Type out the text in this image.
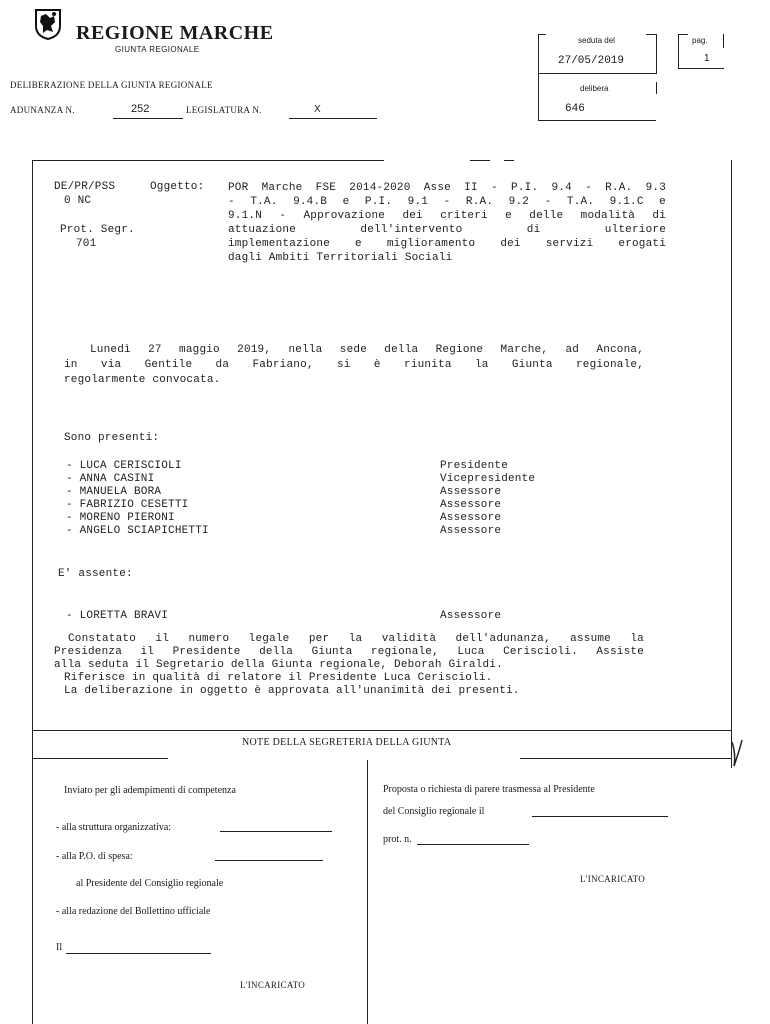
REGIONE MARCHE
GIUNTA REGIONALE
DELIBERAZIONE DELLA GIUNTA REGIONALE
ADUNANZA N.	252	LEGISLATURA N.	X
seduta del
27/05/2019
delibera
646
pag.
1
DE/PR/PSS
0 NC
Prot. Segr.
701
Oggetto: POR Marche FSE 2014-2020 Asse II - P.I. 9.4 - R.A. 9.3
- T.A. 9.4.B e P.I. 9.1 - R.A. 9.2 - T.A. 9.1.C e
9.1.N - Approvazione dei criteri e delle modalità di
attuazione dell'intervento di ulteriore
implementazione e miglioramento dei servizi erogati
dagli Ambiti Territoriali Sociali
Lunedì 27 maggio 2019, nella sede della Regione Marche, ad Ancona,
in via Gentile da Fabriano, si è riunita la Giunta regionale,
regolarmente convocata.
Sono presenti:
- LUCA CERISCIOLI	Presidente
- ANNA CASINI	Vicepresidente
- MANUELA BORA	Assessore
- FABRIZIO CESETTI	Assessore
- MORENO PIERONI	Assessore
- ANGELO SCIAPICHETTI	Assessore
E' assente:
- LORETTA BRAVI	Assessore
Constatato il numero legale per la validità dell'adunanza, assume la
Presidenza il Presidente della Giunta regionale, Luca Ceriscioli. Assiste
alla seduta il Segretario della Giunta regionale, Deborah Giraldi.
Riferisce in qualità di relatore il Presidente Luca Ceriscioli.
La deliberazione in oggetto è approvata all'unanimità dei presenti.
NOTE DELLA SEGRETERIA DELLA GIUNTA
Inviato per gli adempimenti di competenza
- alla struttura organizzativa:
- alla P.O. di spesa:
al Presidente del Consiglio regionale
- alla redazione del Bollettino ufficiale
Il
L'INCARICATO
Proposta o richiesta di parere trasmessa al Presidente
del Consiglio regionale il
prot. n.
L'INCARICATO
